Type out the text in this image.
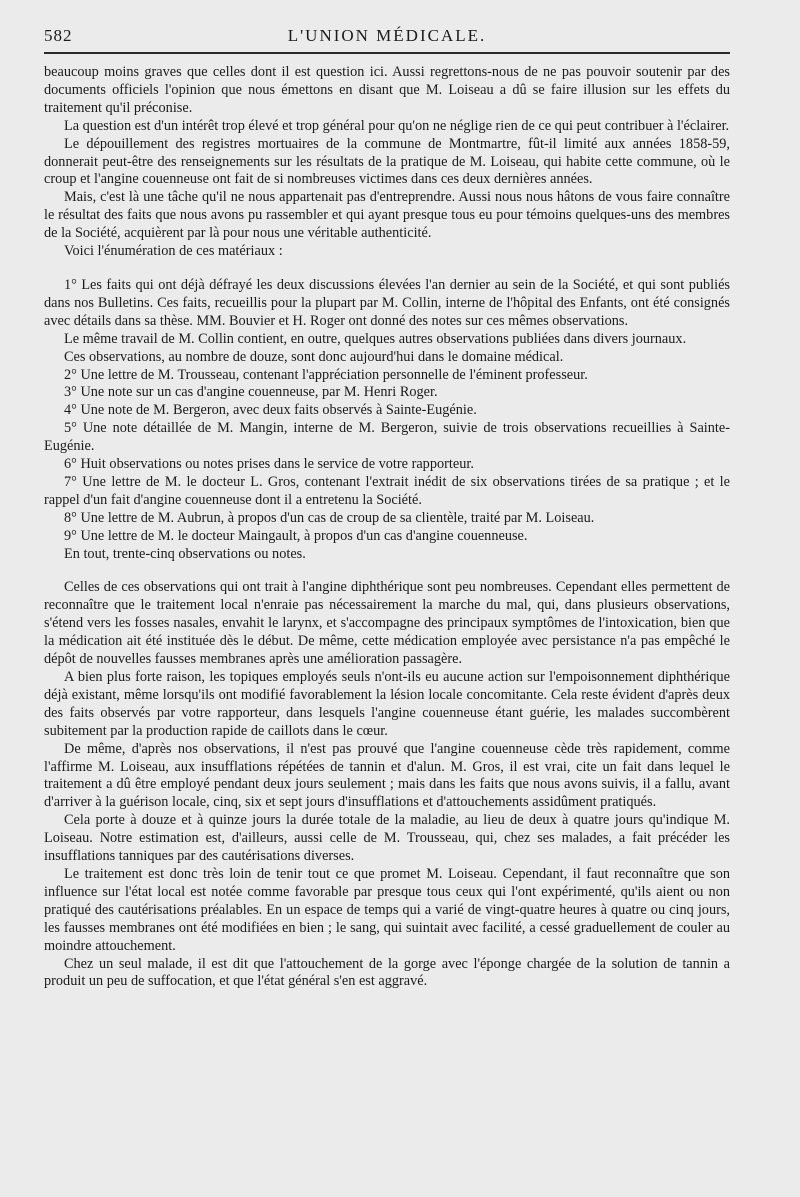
582	L'UNION MÉDICALE.

beaucoup moins graves que celles dont il est question ici. Aussi regrettons-nous de ne pas pouvoir soutenir par des documents officiels l'opinion que nous émettons en disant que M. Loiseau a dû se faire illusion sur les effets du traitement qu'il préconise.

La question est d'un intérêt trop élevé et trop général pour qu'on ne néglige rien de ce qui peut contribuer à l'éclairer.

Le dépouillement des registres mortuaires de la commune de Montmartre, fût-il limité aux années 1858-59, donnerait peut-être des renseignements sur les résultats de la pratique de M. Loiseau, qui habite cette commune, où le croup et l'angine couenneuse ont fait de si nombreuses victimes dans ces deux dernières années.

Mais, c'est là une tâche qu'il ne nous appartenait pas d'entreprendre. Aussi nous nous hâtons de vous faire connaître le résultat des faits que nous avons pu rassembler et qui ayant presque tous eu pour témoins quelques-uns des membres de la Société, acquièrent par là pour nous une véritable authenticité.

Voici l'énumération de ces matériaux :

1° Les faits qui ont déjà défrayé les deux discussions élevées l'an dernier au sein de la Société, et qui sont publiés dans nos Bulletins. Ces faits, recueillis pour la plupart par M. Collin, interne de l'hôpital des Enfants, ont été consignés avec détails dans sa thèse. MM. Bouvier et H. Roger ont donné des notes sur ces mêmes observations.

Le même travail de M. Collin contient, en outre, quelques autres observations publiées dans divers journaux.

Ces observations, au nombre de douze, sont donc aujourd'hui dans le domaine médical.

2° Une lettre de M. Trousseau, contenant l'appréciation personnelle de l'éminent professeur.

3° Une note sur un cas d'angine couenneuse, par M. Henri Roger.

4° Une note de M. Bergeron, avec deux faits observés à Sainte-Eugénie.

5° Une note détaillée de M. Mangin, interne de M. Bergeron, suivie de trois observations recueillies à Sainte-Eugénie.

6° Huit observations ou notes prises dans le service de votre rapporteur.

7° Une lettre de M. le docteur L. Gros, contenant l'extrait inédit de six observations tirées de sa pratique ; et le rappel d'un fait d'angine couenneuse dont il a entretenu la Société.

8° Une lettre de M. Aubrun, à propos d'un cas de croup de sa clientèle, traité par M. Loiseau.

9° Une lettre de M. le docteur Maingault, à propos d'un cas d'angine couenneuse.

En tout, trente-cinq observations ou notes.

Celles de ces observations qui ont trait à l'angine diphthérique sont peu nombreuses. Cependant elles permettent de reconnaître que le traitement local n'enraie pas nécessairement la marche du mal, qui, dans plusieurs observations, s'étend vers les fosses nasales, envahit le larynx, et s'accompagne des principaux symptômes de l'intoxication, bien que la médication ait été instituée dès le début. De même, cette médication employée avec persistance n'a pas empêché le dépôt de nouvelles fausses membranes après une amélioration passagère.

A bien plus forte raison, les topiques employés seuls n'ont-ils eu aucune action sur l'empoisonnement diphthérique déjà existant, même lorsqu'ils ont modifié favorablement la lésion locale concomitante. Cela reste évident d'après deux des faits observés par votre rapporteur, dans lesquels l'angine couenneuse étant guérie, les malades succombèrent subitement par la production rapide de caillots dans le cœur.

De même, d'après nos observations, il n'est pas prouvé que l'angine couenneuse cède très rapidement, comme l'affirme M. Loiseau, aux insufflations répétées de tannin et d'alun. M. Gros, il est vrai, cite un fait dans lequel le traitement a dû être employé pendant deux jours seulement ; mais dans les faits que nous avons suivis, il a fallu, avant d'arriver à la guérison locale, cinq, six et sept jours d'insufflations et d'attouchements assidûment pratiqués.

Cela porte à douze et à quinze jours la durée totale de la maladie, au lieu de deux à quatre jours qu'indique M. Loiseau. Notre estimation est, d'ailleurs, aussi celle de M. Trousseau, qui, chez ses malades, a fait précéder les insufflations tanniques par des cautérisations diverses.

Le traitement est donc très loin de tenir tout ce que promet M. Loiseau. Cependant, il faut reconnaître que son influence sur l'état local est notée comme favorable par presque tous ceux qui l'ont expérimenté, qu'ils aient ou non pratiqué des cautérisations préalables. En un espace de temps qui a varié de vingt-quatre heures à quatre ou cinq jours, les fausses membranes ont été modifiées en bien ; le sang, qui suintait avec facilité, a cessé graduellement de couler au moindre attouchement.

Chez un seul malade, il est dit que l'attouchement de la gorge avec l'éponge chargée de la solution de tannin a produit un peu de suffocation, et que l'état général s'en est aggravé.
